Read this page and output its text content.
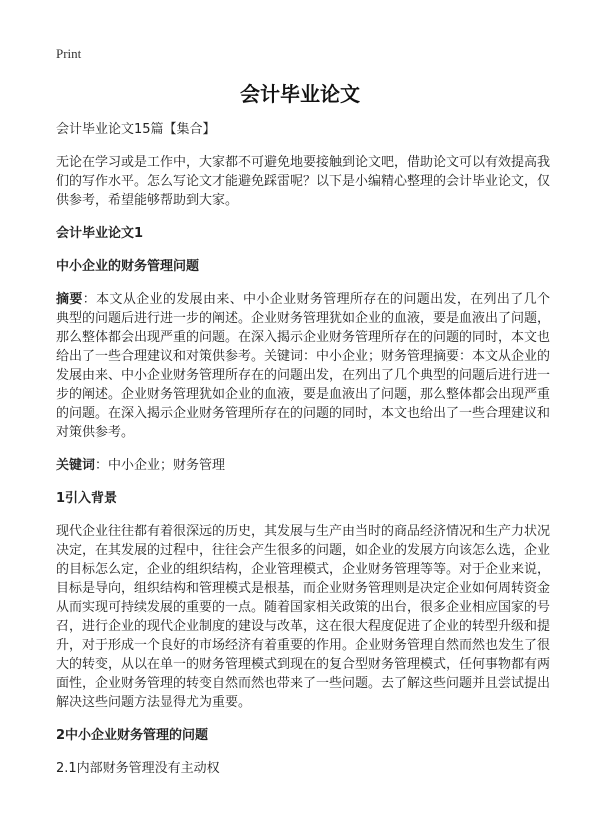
Print
会计毕业论文

会计毕业论文15篇【集合】

无论在学习或是工作中，大家都不可避免地要接触到论文吧，借助论文可以有效提高我们的写作水平。怎么写论文才能避免踩雷呢？以下是小编精心整理的会计毕业论文，仅供参考，希望能够帮助到大家。

会计毕业论文1

中小企业的财务管理问题

摘要：本文从企业的发展由来、中小企业财务管理所存在的问题出发，在列出了几个典型的问题后进行进一步的阐述。企业财务管理犹如企业的血液，要是血液出了问题，那么整体都会出现严重的问题。在深入揭示企业财务管理所存在的问题的同时，本文也给出了一些合理建议和对策供参考。关键词：中小企业；财务管理摘要：本文从企业的发展由来、中小企业财务管理所存在的问题出发，在列出了几个典型的问题后进行进一步的阐述。企业财务管理犹如企业的血液，要是血液出了问题，那么整体都会出现严重的问题。在深入揭示企业财务管理所存在的问题的同时，本文也给出了一些合理建议和对策供参考。

关键词：中小企业；财务管理

1引入背景

现代企业往往都有着很深远的历史，其发展与生产由当时的商品经济情况和生产力状况决定，在其发展的过程中，往往会产生很多的问题，如企业的发展方向该怎么选，企业的目标怎么定，企业的组织结构，企业管理模式，企业财务管理等等。对于企业来说，目标是导向，组织结构和管理模式是根基，而企业财务管理则是决定企业如何周转资金从而实现可持续发展的重要的一点。随着国家相关政策的出台，很多企业相应国家的号召，进行企业的现代企业制度的建设与改革，这在很大程度促进了企业的转型升级和提升，对于形成一个良好的市场经济有着重要的作用。企业财务管理自然而然也发生了很大的转变，从以在单一的财务管理模式到现在的复合型财务管理模式，任何事物都有两面性，企业财务管理的转变自然而然也带来了一些问题。去了解这些问题并且尝试提出解决这些问题方法显得尤为重要。

2中小企业财务管理的问题

2.1内部财务管理没有主动权
